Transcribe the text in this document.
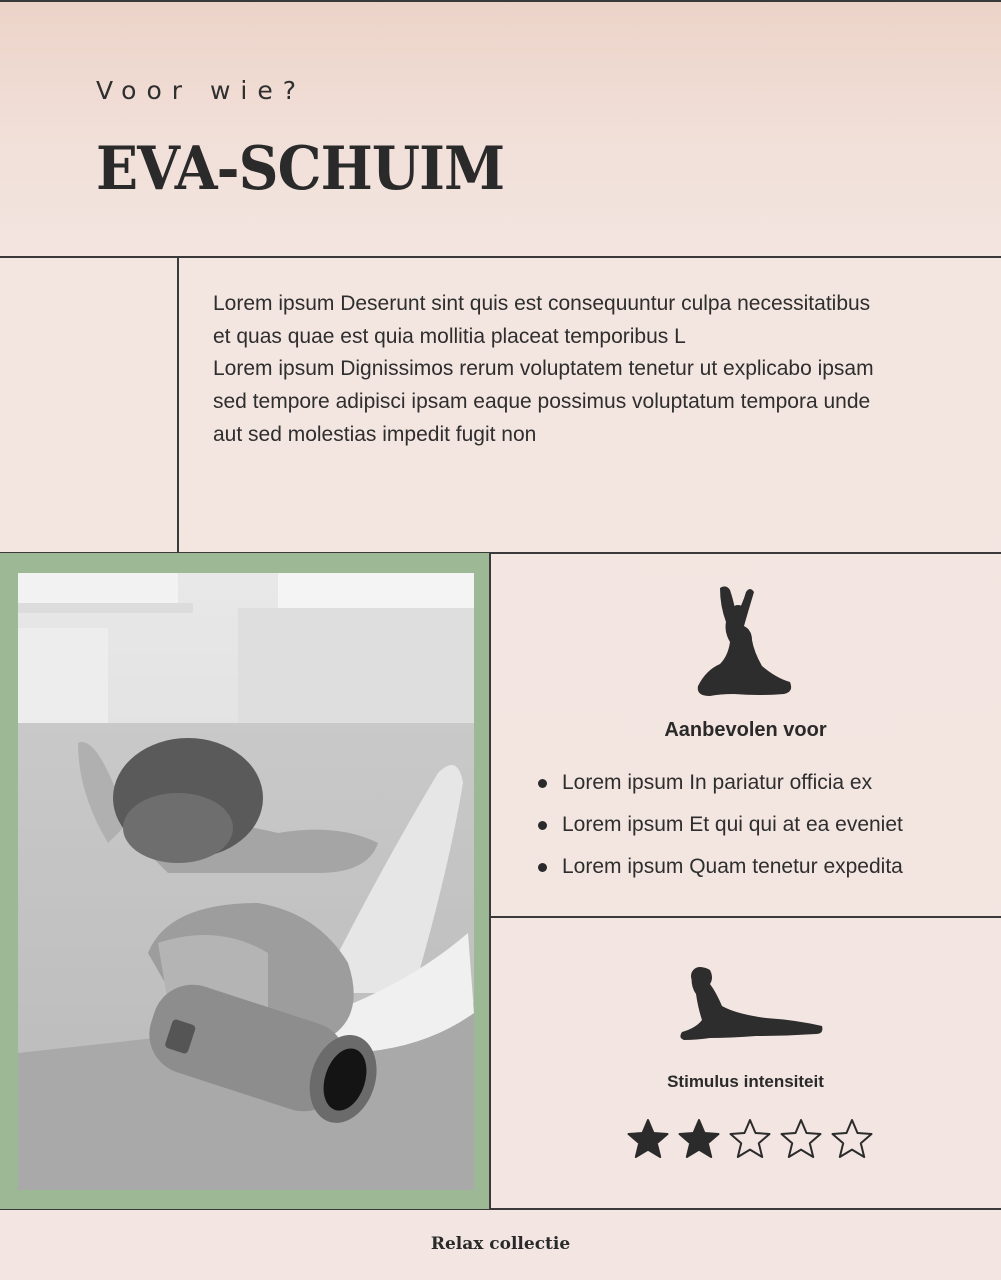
Voor wie?
EVA-SCHUIM

Lorem ipsum Deserunt sint quis est consequuntur culpa necessitatibus et quas quae est quia mollitia placeat temporibus L

Lorem ipsum Dignissimos rerum voluptatem tenetur ut explicabo ipsam sed tempore adipisci ipsam eaque possimus voluptatum tempora unde aut sed molestias impedit fugit non

Aanbevolen voor
Lorem ipsum In pariatur officia ex
Lorem ipsum Et qui qui at ea eveniet
Lorem ipsum Quam tenetur expedita
Stimulus intensiteit
Relax collectie
